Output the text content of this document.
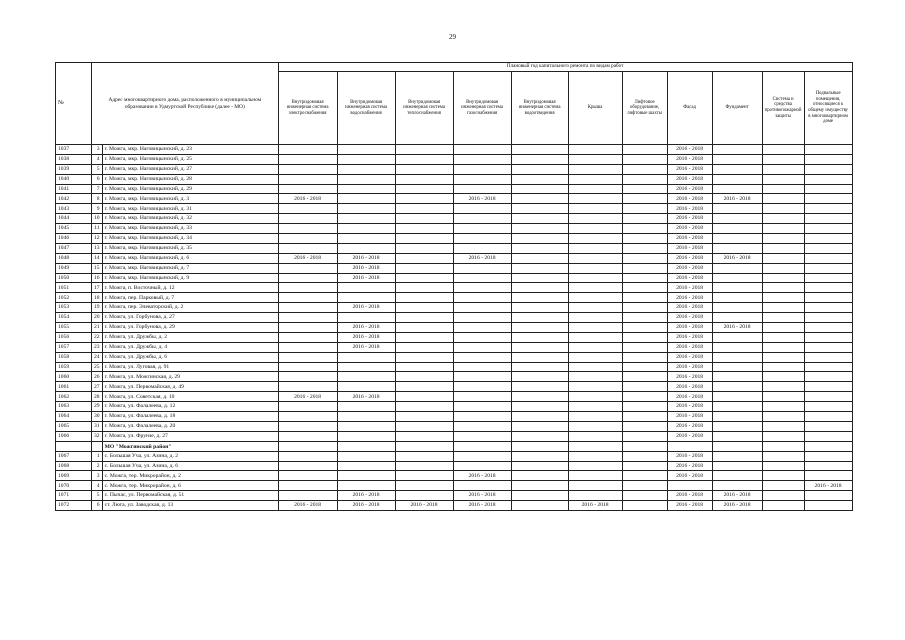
29
№	Адрес многоквартирного дома, расположенного в муниципальном образовании в Удмуртской Республике (далее - МО)		Плановый год капитального ремонта по видам работ										
			Внутридомовая инженерная система электроснабжения	Внутридомовая инженерная система водоснабжения	Внутридомовая инженерная система теплоснабжения	Внутридомовая инженерная система газоснабжения	Внутридомовая инженерная система водоотведения	Крыша	Лифтовое оборудование, лифтовые шахты	Фасад	Фундамент	Система и средства противопожарной защиты	Подвальные помещения, относящиеся к общему имуществу в многоквартирном доме
1037	3	г. Можга, мкр. Наговицынский, д. 23								2016 - 2018			
1038	4	г. Можга, мкр. Наговицынский, д. 25								2016 - 2018			
1039	5	г. Можга, мкр. Наговицынский, д. 27								2016 - 2018			
1040	6	г. Можга, мкр. Наговицынский, д. 28								2016 - 2018			
1041	7	г. Можга, мкр. Наговицынский, д. 29								2016 - 2018			
1042	8	г. Можга, мкр. Наговицынский, д. 3	2016 - 2018			2016 - 2018				2016 - 2018	2016 - 2018		
1043	9	г. Можга, мкр. Наговицынский, д. 31								2016 - 2018			
1044	10	г. Можга, мкр. Наговицынский, д. 32								2016 - 2018			
1045	11	г. Можга, мкр. Наговицынский, д. 33								2016 - 2018			
1046	12	г. Можга, мкр. Наговицынский, д. 34								2016 - 2018			
1047	13	г. Можга, мкр. Наговицынский, д. 35								2016 - 2018			
1048	14	г. Можга, мкр. Наговицынский, д. 6	2016 - 2018	2016 - 2018		2016 - 2018				2016 - 2018	2016 - 2018		
1049	15	г. Можга, мкр. Наговицынский, д. 7		2016 - 2018						2016 - 2018			
1050	16	г. Можга, мкр. Наговицынский, д. 9		2016 - 2018						2016 - 2018			
1051	17	г. Можга, п. Восточный, д. 12								2016 - 2018			
1052	18	г. Можга, пер. Парковый, д. 7								2016 - 2018			
1053	19	г. Можга, пер. Элеваторский, д. 2		2016 - 2018						2016 - 2018			
1054	20	г. Можга, ул. Горбунова, д. 27								2016 - 2018			
1055	21	г. Можга, ул. Горбунова, д. 29		2016 - 2018						2016 - 2018	2016 - 2018		
1056	22	г. Можга, ул. Дружбы, д. 2		2016 - 2018						2016 - 2018			
1057	23	г. Можга, ул. Дружбы, д. 4		2016 - 2018						2016 - 2018			
1058	24	г. Можга, ул. Дружбы, д. 6								2016 - 2018			
1059	25	г. Можга, ул. Луговая, д. 91								2016 - 2018			
1060	26	г. Можга, ул. Можгинская, д. 29								2016 - 2018			
1061	27	г. Можга, ул. Первомайская, д. 49								2016 - 2018			
1062	28	г. Можга, ул. Советская, д. 10	2016 - 2018	2016 - 2018						2016 - 2018			
1063	29	г. Можга, ул. Фалалеева, д. 12								2016 - 2018			
1064	30	г. Можга, ул. Фалалеева, д. 18								2016 - 2018			
1065	31	г. Можга, ул. Фалалеева, д. 20								2016 - 2018			
1066	32	г. Можга, ул. Фрунзе, д. 27								2016 - 2018			
		МО "Можгинский район"											
1067	1	с. Большая Уча, ул. Азина, д. 2								2016 - 2018			
1068	2	с. Большая Уча, ул. Азина, д. 6								2016 - 2018			
1069	3	с. Можга, тер. Микрорайон, д. 2				2016 - 2018				2016 - 2018			
1070	4	с. Можга, тер. Микрорайон, д. 6											2016 - 2018
1071	5	с. Пычас, ул. Первомайская, д. 51		2016 - 2018		2016 - 2018				2016 - 2018	2016 - 2018		
1072	6	ст. Люга, ул. Заводская, д. 13	2016 - 2018	2016 - 2018	2016 - 2018	2016 - 2018		2016 - 2018		2016 - 2018	2016 - 2018		
